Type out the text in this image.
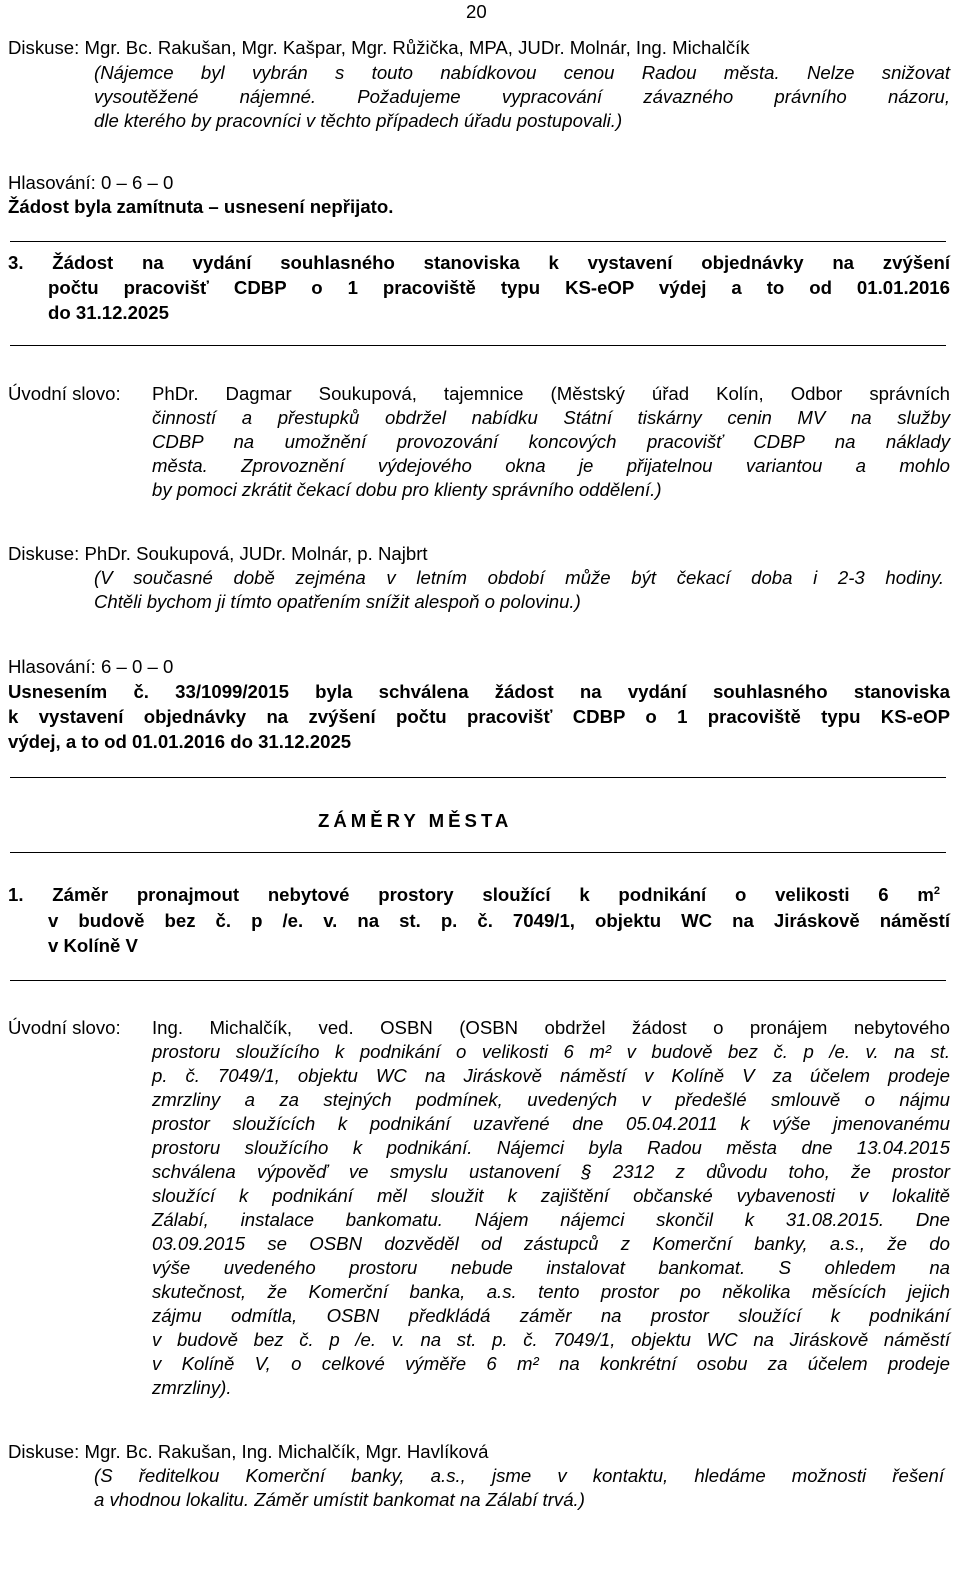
20
Diskuse: Mgr. Bc. Rakušan, Mgr. Kašpar, Mgr. Růžička, MPA, JUDr. Molnár, Ing. Michalčík
(Nájemce byl vybrán s touto nabídkovou cenou Radou města. Nelze snižovat
vysoutěžené nájemné. Požadujeme vypracování závazného právního názoru,
dle kterého by pracovníci v těchto případech úřadu postupovali.)
Hlasování: 0 – 6 – 0
Žádost byla zamítnuta – usnesení nepřijato.
3. Žádost na vydání souhlasného stanoviska k vystavení objednávky na zvýšení
počtu pracovišť CDBP o 1 pracoviště typu KS-eOP výdej a to od 01.01.2016
do 31.12.2025
Úvodní slovo: PhDr. Dagmar Soukupová, tajemnice (Městský úřad Kolín, Odbor správních
činností a přestupků obdržel nabídku Státní tiskárny cenin MV na služby
CDBP na umožnění provozování koncových pracovišť CDBP na náklady
města. Zprovoznění výdejového okna je přijatelnou variantou a mohlo
by pomoci zkrátit čekací dobu pro klienty správního oddělení.)
Diskuse: PhDr. Soukupová, JUDr. Molnár, p. Najbrt
(V současné době zejména v letním období může být čekací doba i 2-3 hodiny.
Chtěli bychom ji tímto opatřením snížit alespoň o polovinu.)
Hlasování: 6 – 0 – 0
Usnesením č. 33/1099/2015 byla schválena žádost na vydání souhlasného stanoviska
k vystavení objednávky na zvýšení počtu pracovišť CDBP o 1 pracoviště typu KS-eOP
výdej, a to od 01.01.2016 do 31.12.2025
ZÁMĚRY MĚSTA
1. Záměr pronajmout nebytové prostory sloužící k podnikání o velikosti 6 $m^2$
v budově bez č. p /e. v. na st. p. č. 7049/1, objektu WC na Jiráskově náměstí
v Kolíně V
Úvodní slovo: Ing. Michalčík, ved. OSBN (OSBN obdržel žádost o pronájem nebytového
prostoru sloužícího k podnikání o velikosti 6 m² v budově bez č. p /e. v. na st.
p. č. 7049/1, objektu WC na Jiráskově náměstí v Kolíně V za účelem prodeje
zmrzliny a za stejných podmínek, uvedených v předešlé smlouvě o nájmu
prostor sloužících k podnikání uzavřené dne 05.04.2011 k výše jmenovanému
prostoru sloužícího k podnikání. Nájemci byla Radou města dne 13.04.2015
schválena výpověď ve smyslu ustanovení § 2312 z důvodu toho, že prostor
sloužící k podnikání měl sloužit k zajištění občanské vybavenosti v lokalitě
Zálabí, instalace bankomatu. Nájem nájemci skončil k 31.08.2015. Dne
03.09.2015 se OSBN dozvěděl od zástupců z Komerční banky, a.s., že do
výše uvedeného prostoru nebude instalovat bankomat. S ohledem na
skutečnost, že Komerční banka, a.s. tento prostor po několika měsících jejich
zájmu odmítla, OSBN předkládá záměr na prostor sloužící k podnikání
v budově bez č. p /e. v. na st. p. č. 7049/1, objektu WC na Jiráskově náměstí
v Kolíně V, o celkové výměře 6 m² na konkrétní osobu za účelem prodeje
zmrzliny).
Diskuse: Mgr. Bc. Rakušan, Ing. Michalčík, Mgr. Havlíková
(S ředitelkou Komerční banky, a.s., jsme v kontaktu, hledáme možnosti řešení
a vhodnou lokalitu. Záměr umístit bankomat na Zálabí trvá.)
